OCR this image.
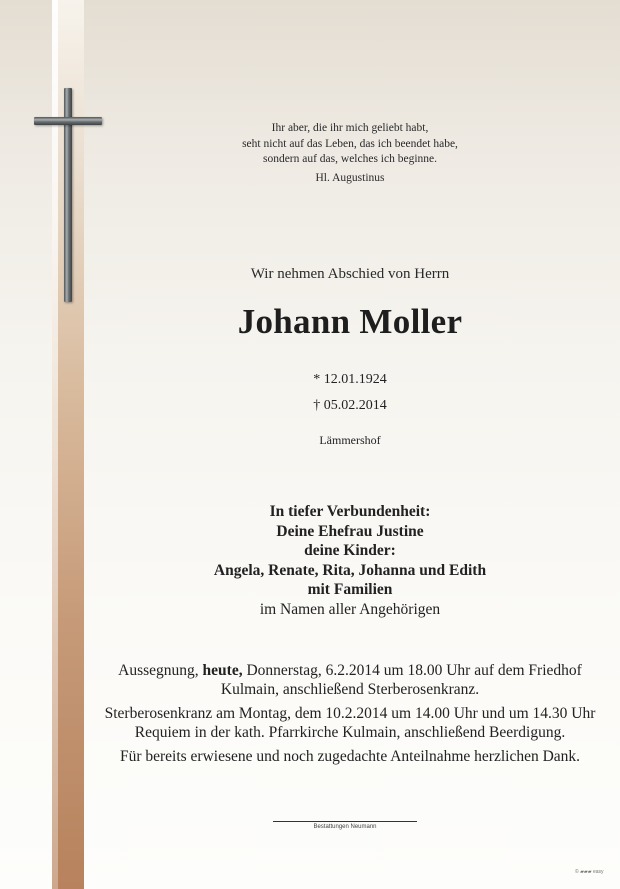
Ihr aber, die ihr mich geliebt habt,
seht nicht auf das Leben, das ich beendet habe,
sondern auf das, welches ich beginne.
Hl. Augustinus
Wir nehmen Abschied von Herrn
Johann Moller
* 12.01.1924
† 05.02.2014
Lämmershof
In tiefer Verbundenheit:
Deine Ehefrau Justine
deine Kinder:
Angela, Renate, Rita, Johanna und Edith
mit Familien
im Namen aller Angehörigen

Aussegnung, heute, Donnerstag, 6.2.2014 um 18.00 Uhr auf dem Friedhof Kulmain, anschließend Sterberosenkranz.

Sterberosenkranz am Montag, dem 10.2.2014 um 14.00 Uhr und um 14.30 Uhr Requiem in der kath. Pfarrkirche Kulmain, anschließend Beerdigung.

Für bereits erwiesene und noch zugedachte Anteilnahme herzlichen Dank.

Bestattungen Neumann
© ▰▰▰ easy
